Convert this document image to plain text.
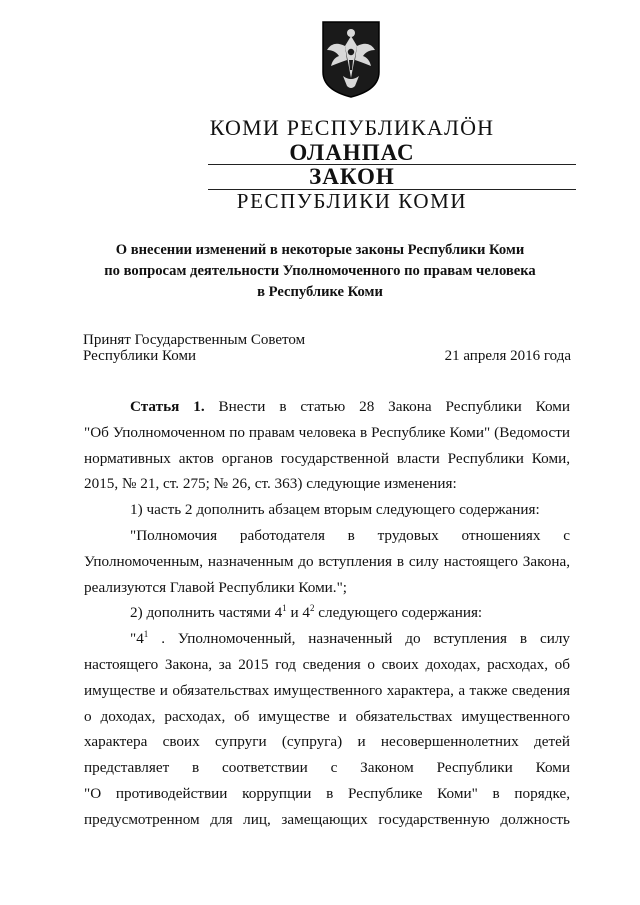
КОМИ РЕСПУБЛИКАЛӦН
ОЛАНПАС
ЗАКОН
РЕСПУБЛИКИ КОМИ
О внесении изменений в некоторые законы Республики Коми
по вопросам деятельности Уполномоченного по правам человека
в Республике Коми
Принят Государственным Советом
Республики Коми	21 апреля 2016 года
Статья 1. Внести в статью 28 Закона Республики Коми
"Об Уполномоченном по правам человека в Республике Коми" (Ведомости
нормативных актов органов государственной власти Республики Коми,
2015, № 21, ст. 275; № 26, ст. 363) следующие изменения:
1) часть 2 дополнить абзацем вторым следующего содержания:
"Полномочия работодателя в трудовых отношениях с
Уполномоченным, назначенным до вступления в силу настоящего Закона,
реализуются Главой Республики Коми.";
2) дополнить частями $4^1$ и $4^2$ следующего содержания:
"$4^1$ . Уполномоченный, назначенный до вступления в силу
настоящего Закона, за 2015 год сведения о своих доходах, расходах, об
имуществе и обязательствах имущественного характера, а также сведения
о доходах, расходах, об имуществе и обязательствах имущественного
характера своих супруги (супруга) и несовершеннолетних детей
представляет в соответствии с Законом Республики Коми
"О противодействии коррупции в Республике Коми" в порядке,
предусмотренном для лиц, замещающих государственную должность
